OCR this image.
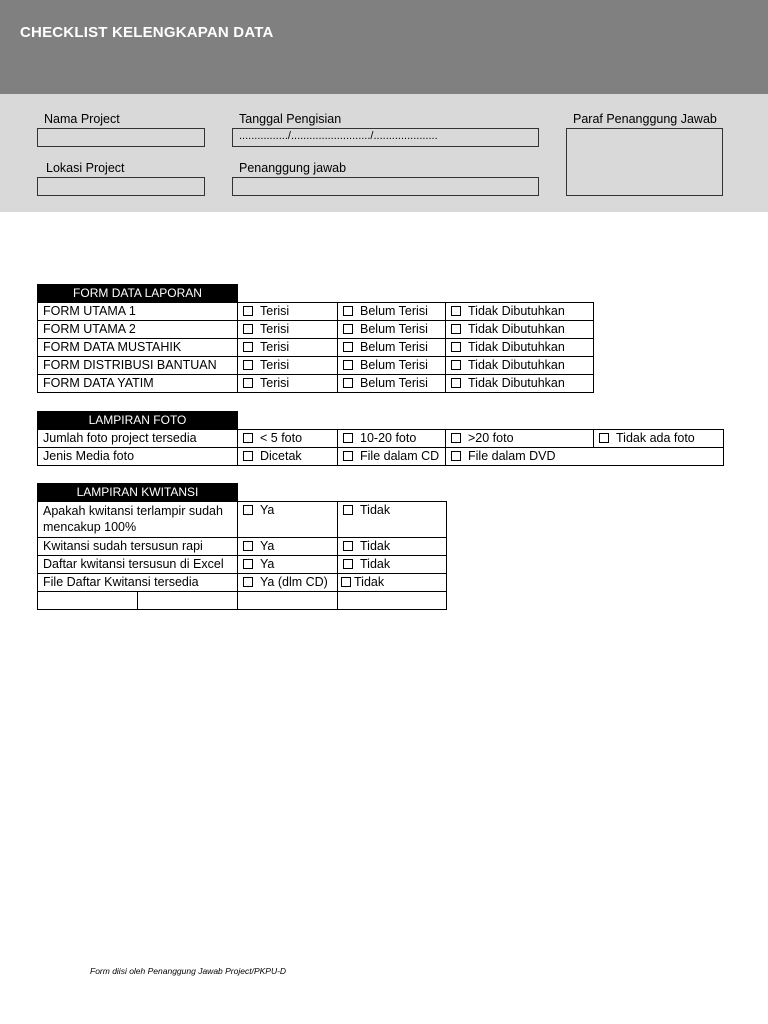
CHECKLIST KELENGKAPAN DATA
Nama Project	Tanggal Pengisian
................/........................../.....................
Paraf Penanggung Jawab
Lokasi Project	Penanggung jawab
FORM DATA LAPORAN
FORM UTAMA 1	Terisi	Belum Terisi	Tidak Dibutuhkan
FORM UTAMA 2	Terisi	Belum Terisi	Tidak Dibutuhkan
FORM DATA MUSTAHIK	Terisi	Belum Terisi	Tidak Dibutuhkan
FORM DISTRIBUSI BANTUAN	Terisi	Belum Terisi	Tidak Dibutuhkan
FORM DATA YATIM	Terisi	Belum Terisi	Tidak Dibutuhkan
LAMPIRAN FOTO
Jumlah foto project tersedia	< 5 foto	10-20 foto	>20 foto	Tidak ada foto
Jenis Media foto	Dicetak	File dalam CD	File dalam DVD	
LAMPIRAN KWITANSI
Apakah kwitansi terlampir sudah mencakup 100%		Ya	Tidak
Kwitansi sudah tersusun rapi		Ya	Tidak
Daftar kwitansi tersusun di Excel		Ya	Tidak
File Daftar Kwitansi tersedia		Ya (dlm CD)	Tidak

Form diisi oleh Penanggung Jawab Project/PKPU-D
